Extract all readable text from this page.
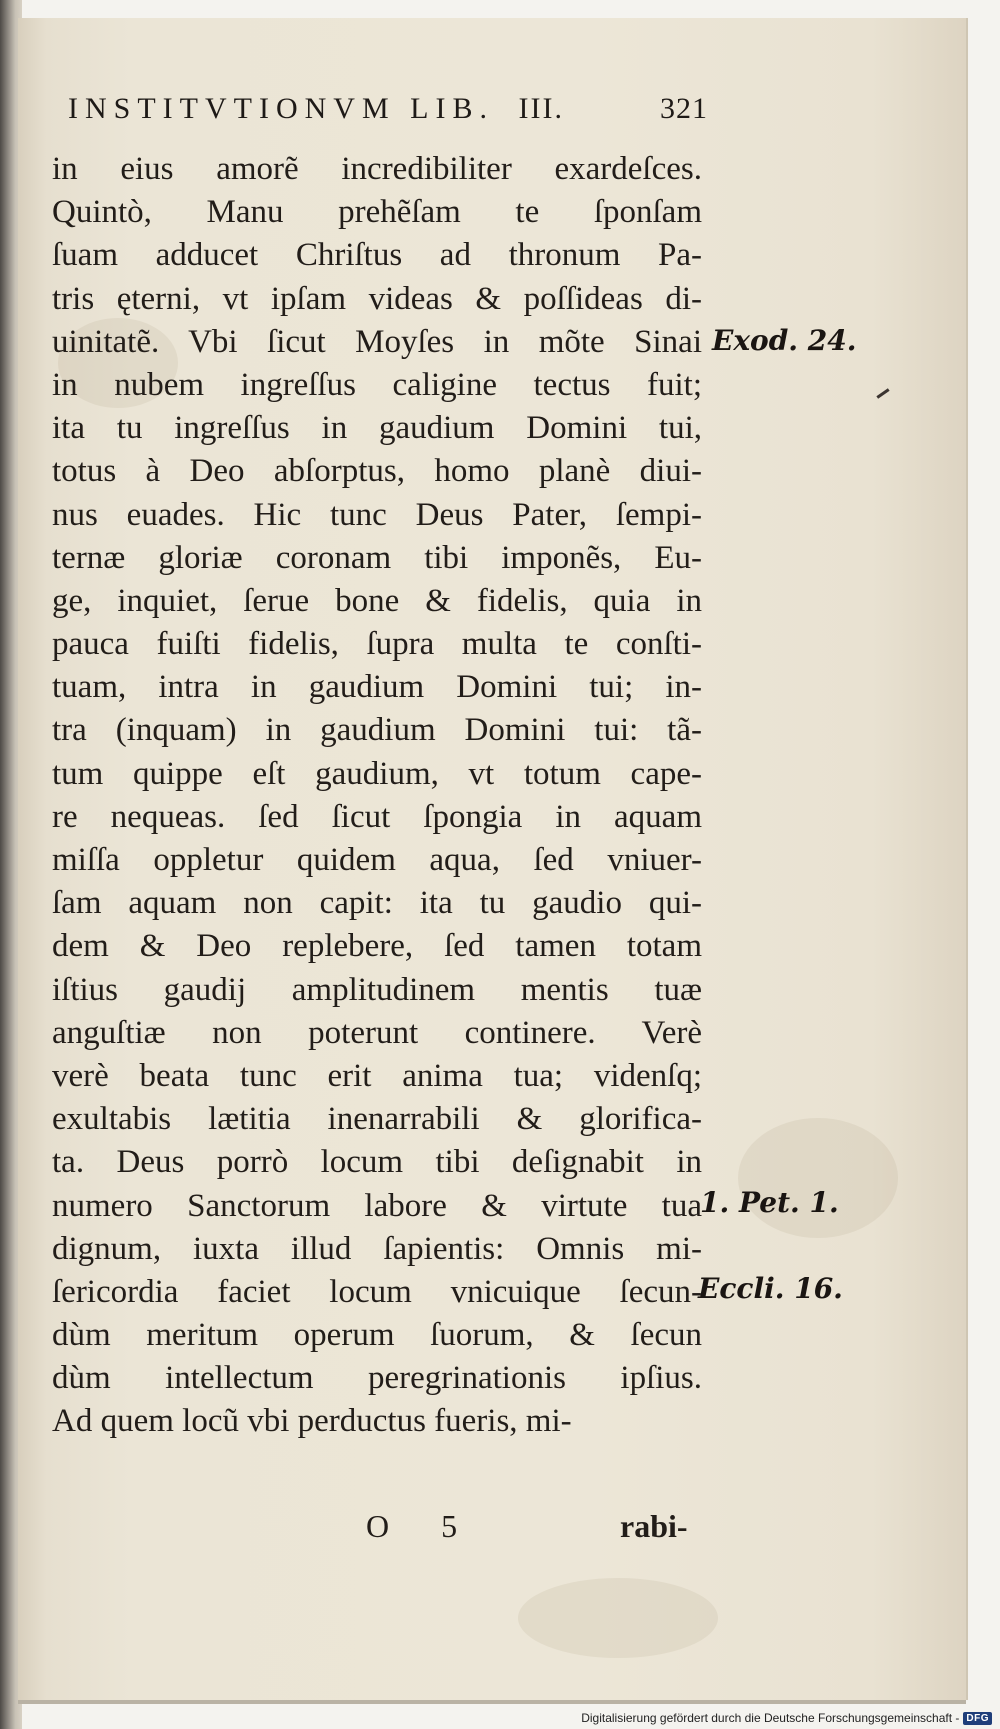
INSTITVTIONVM LIB. III.	321
in eius amorẽ incredibiliter exardeſces.
Quintò, Manu prehẽſam te ſponſam
ſuam adducet Chriſtus ad thronum Pa-
tris ęterni, vt ipſam videas & poſſideas di-
uinitatẽ. Vbi ſicut Moyſes in mõte Sinai
in nubem ingreſſus caligine tectus fuit;
ita tu ingreſſus in gaudium Domini tui,
totus à Deo abſorptus, homo planè diui-
nus euades. Hic tunc Deus Pater, ſempi-
ternæ gloriæ coronam tibi imponẽs, Eu-
ge, inquiet, ſerue bone & fidelis, quia in
pauca fuiſti fidelis, ſupra multa te conſti-
tuam, intra in gaudium Domini tui; in-
tra (inquam) in gaudium Domini tui: tã-
tum quippe eſt gaudium, vt totum cape-
re nequeas. ſed ſicut ſpongia in aquam
miſſa oppletur quidem aqua, ſed vniuer-
ſam aquam non capit: ita tu gaudio qui-
dem & Deo replebere, ſed tamen totam
iſtius gaudij amplitudinem mentis tuæ
anguſtiæ non poterunt continere. Verè
verè beata tunc erit anima tua; videnſq;
exultabis lætitia inenarrabili & glorifica-
ta. Deus porrò locum tibi deſignabit in
numero Sanctorum labore & virtute tua
dignum, iuxta illud ſapientis: Omnis mi-
ſericordia faciet locum vnicuique ſecun-
dùm meritum operum ſuorum, & ſecun
dùm intellectum peregrinationis ipſius.
Ad quem locũ vbi perductus fueris, mi-
Exod. 24.
1. Pet. 1.
Eccli. 16.
O 5	rabi-
Digitalisierung gefördert durch die Deutsche Forschungsgemeinschaft - DFG
